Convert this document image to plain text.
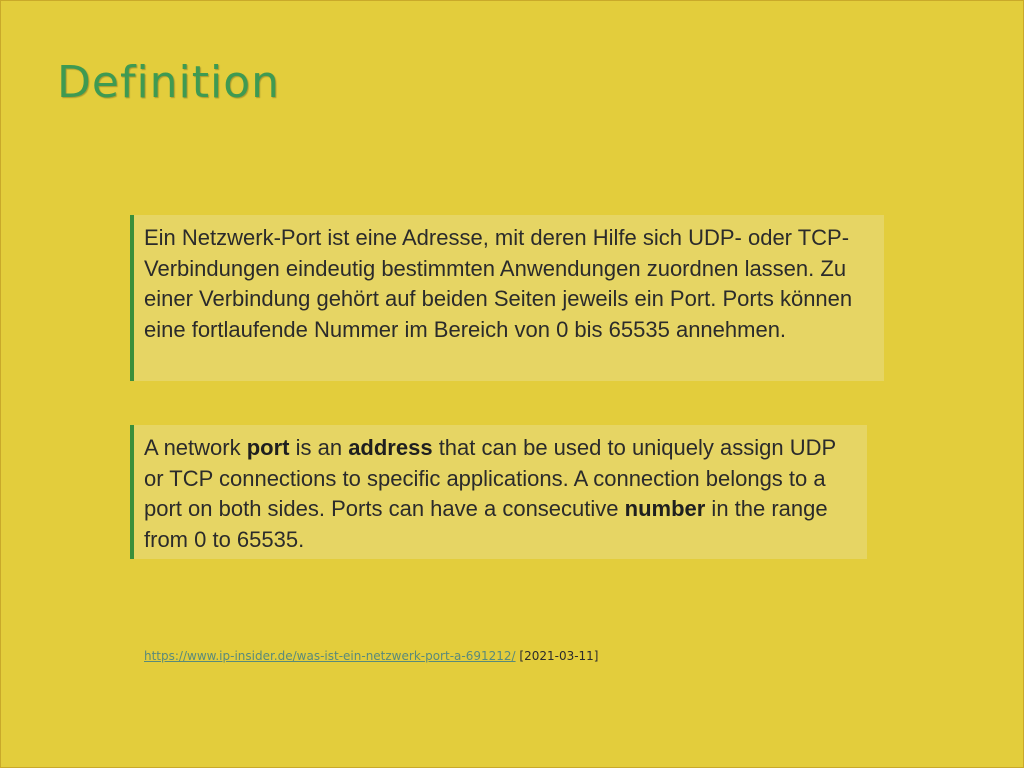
Definition
Ein Netzwerk-Port ist eine Adresse, mit deren Hilfe sich UDP- oder TCP-Verbindungen eindeutig bestimmten Anwendungen zuordnen lassen. Zu einer Verbindung gehört auf beiden Seiten jeweils ein Port. Ports können eine fortlaufende Nummer im Bereich von 0 bis 65535 annehmen.
A network port is an address that can be used to uniquely assign UDP or TCP connections to specific applications. A connection belongs to a port on both sides. Ports can have a consecutive number in the range from 0 to 65535.
https://www.ip-insider.de/was-ist-ein-netzwerk-port-a-691212/ [2021-03-11]
